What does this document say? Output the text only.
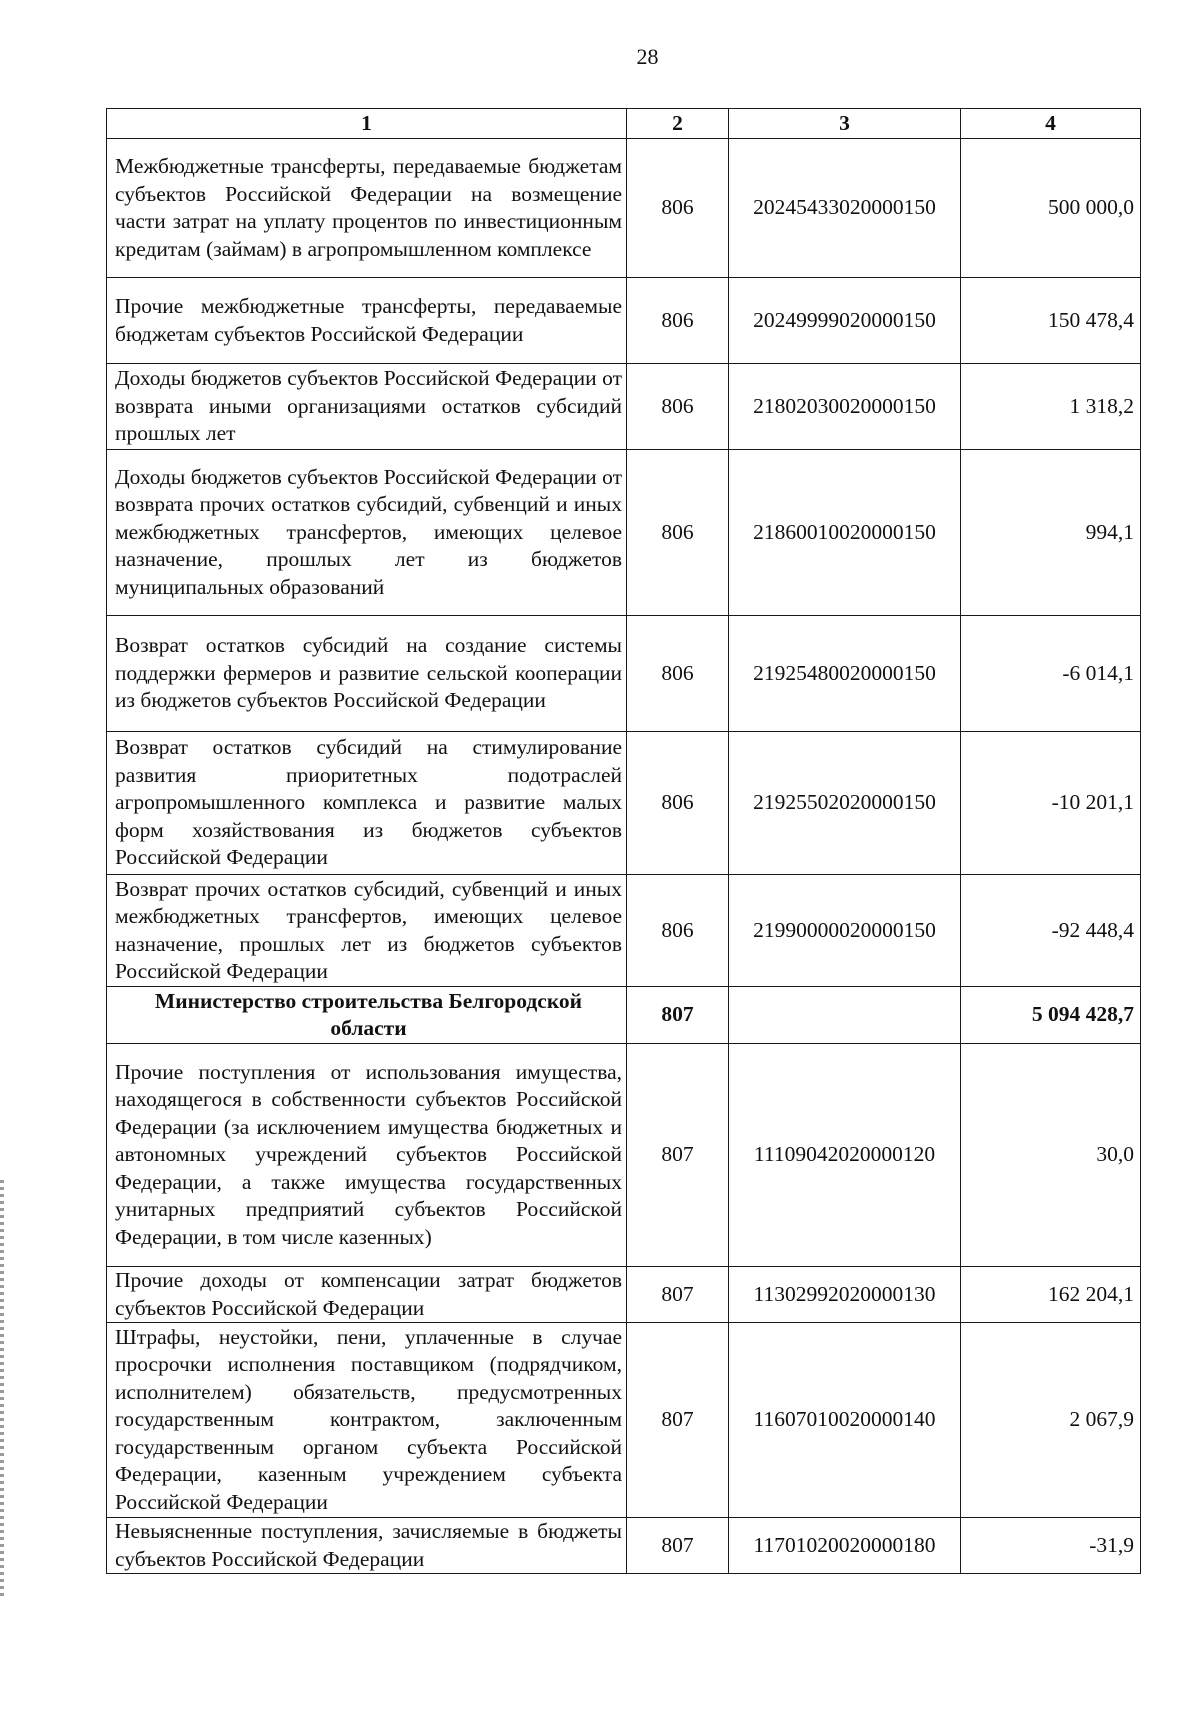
28
1	2	3	4
Межбюджетные трансферты, передаваемые бюджетам субъектов Российской Федерации на возмещение части затрат на уплату процентов по инвестиционным кредитам (займам) в агропромышленном комплексе	806	20245433020000150	500 000,0
Прочие межбюджетные трансферты, передаваемые бюджетам субъектов Российской Федерации	806	20249999020000150	150 478,4
Доходы бюджетов субъектов Российской Федерации от возврата иными организациями остатков субсидий прошлых лет	806	21802030020000150	1 318,2
Доходы бюджетов субъектов Российской Федерации от возврата прочих остатков субсидий, субвенций и иных межбюджетных трансфертов, имеющих целевое назначение, прошлых лет из бюджетов муниципальных образований	806	21860010020000150	994,1
Возврат остатков субсидий на создание системы поддержки фермеров и развитие сельской кооперации из бюджетов субъектов Российской Федерации	806	21925480020000150	-6 014,1
Возврат остатков субсидий на стимулирование развития приоритетных подотраслей агропромышленного комплекса и развитие малых форм хозяйствования из бюджетов субъектов Российской Федерации	806	21925502020000150	-10 201,1
Возврат прочих остатков субсидий, субвенций и иных межбюджетных трансфертов, имеющих целевое назначение, прошлых лет из бюджетов субъектов Российской Федерации	806	21990000020000150	-92 448,4
Министерство строительства Белгородской области	807		5 094 428,7
Прочие поступления от использования имущества, находящегося в собственности субъектов Российской Федерации (за исключением имущества бюджетных и автономных учреждений субъектов Российской Федерации, а также имущества государственных унитарных предприятий субъектов Российской Федерации, в том числе казенных)	807	11109042020000120	30,0
Прочие доходы от компенсации затрат бюджетов субъектов Российской Федерации	807	11302992020000130	162 204,1
Штрафы, неустойки, пени, уплаченные в случае просрочки исполнения поставщиком (подрядчиком, исполнителем) обязательств, предусмотренных государственным контрактом, заключенным государственным органом субъекта Российской Федерации, казенным учреждением субъекта Российской Федерации	807	11607010020000140	2 067,9
Невыясненные поступления, зачисляемые в бюджеты субъектов Российской Федерации	807	11701020020000180	-31,9
